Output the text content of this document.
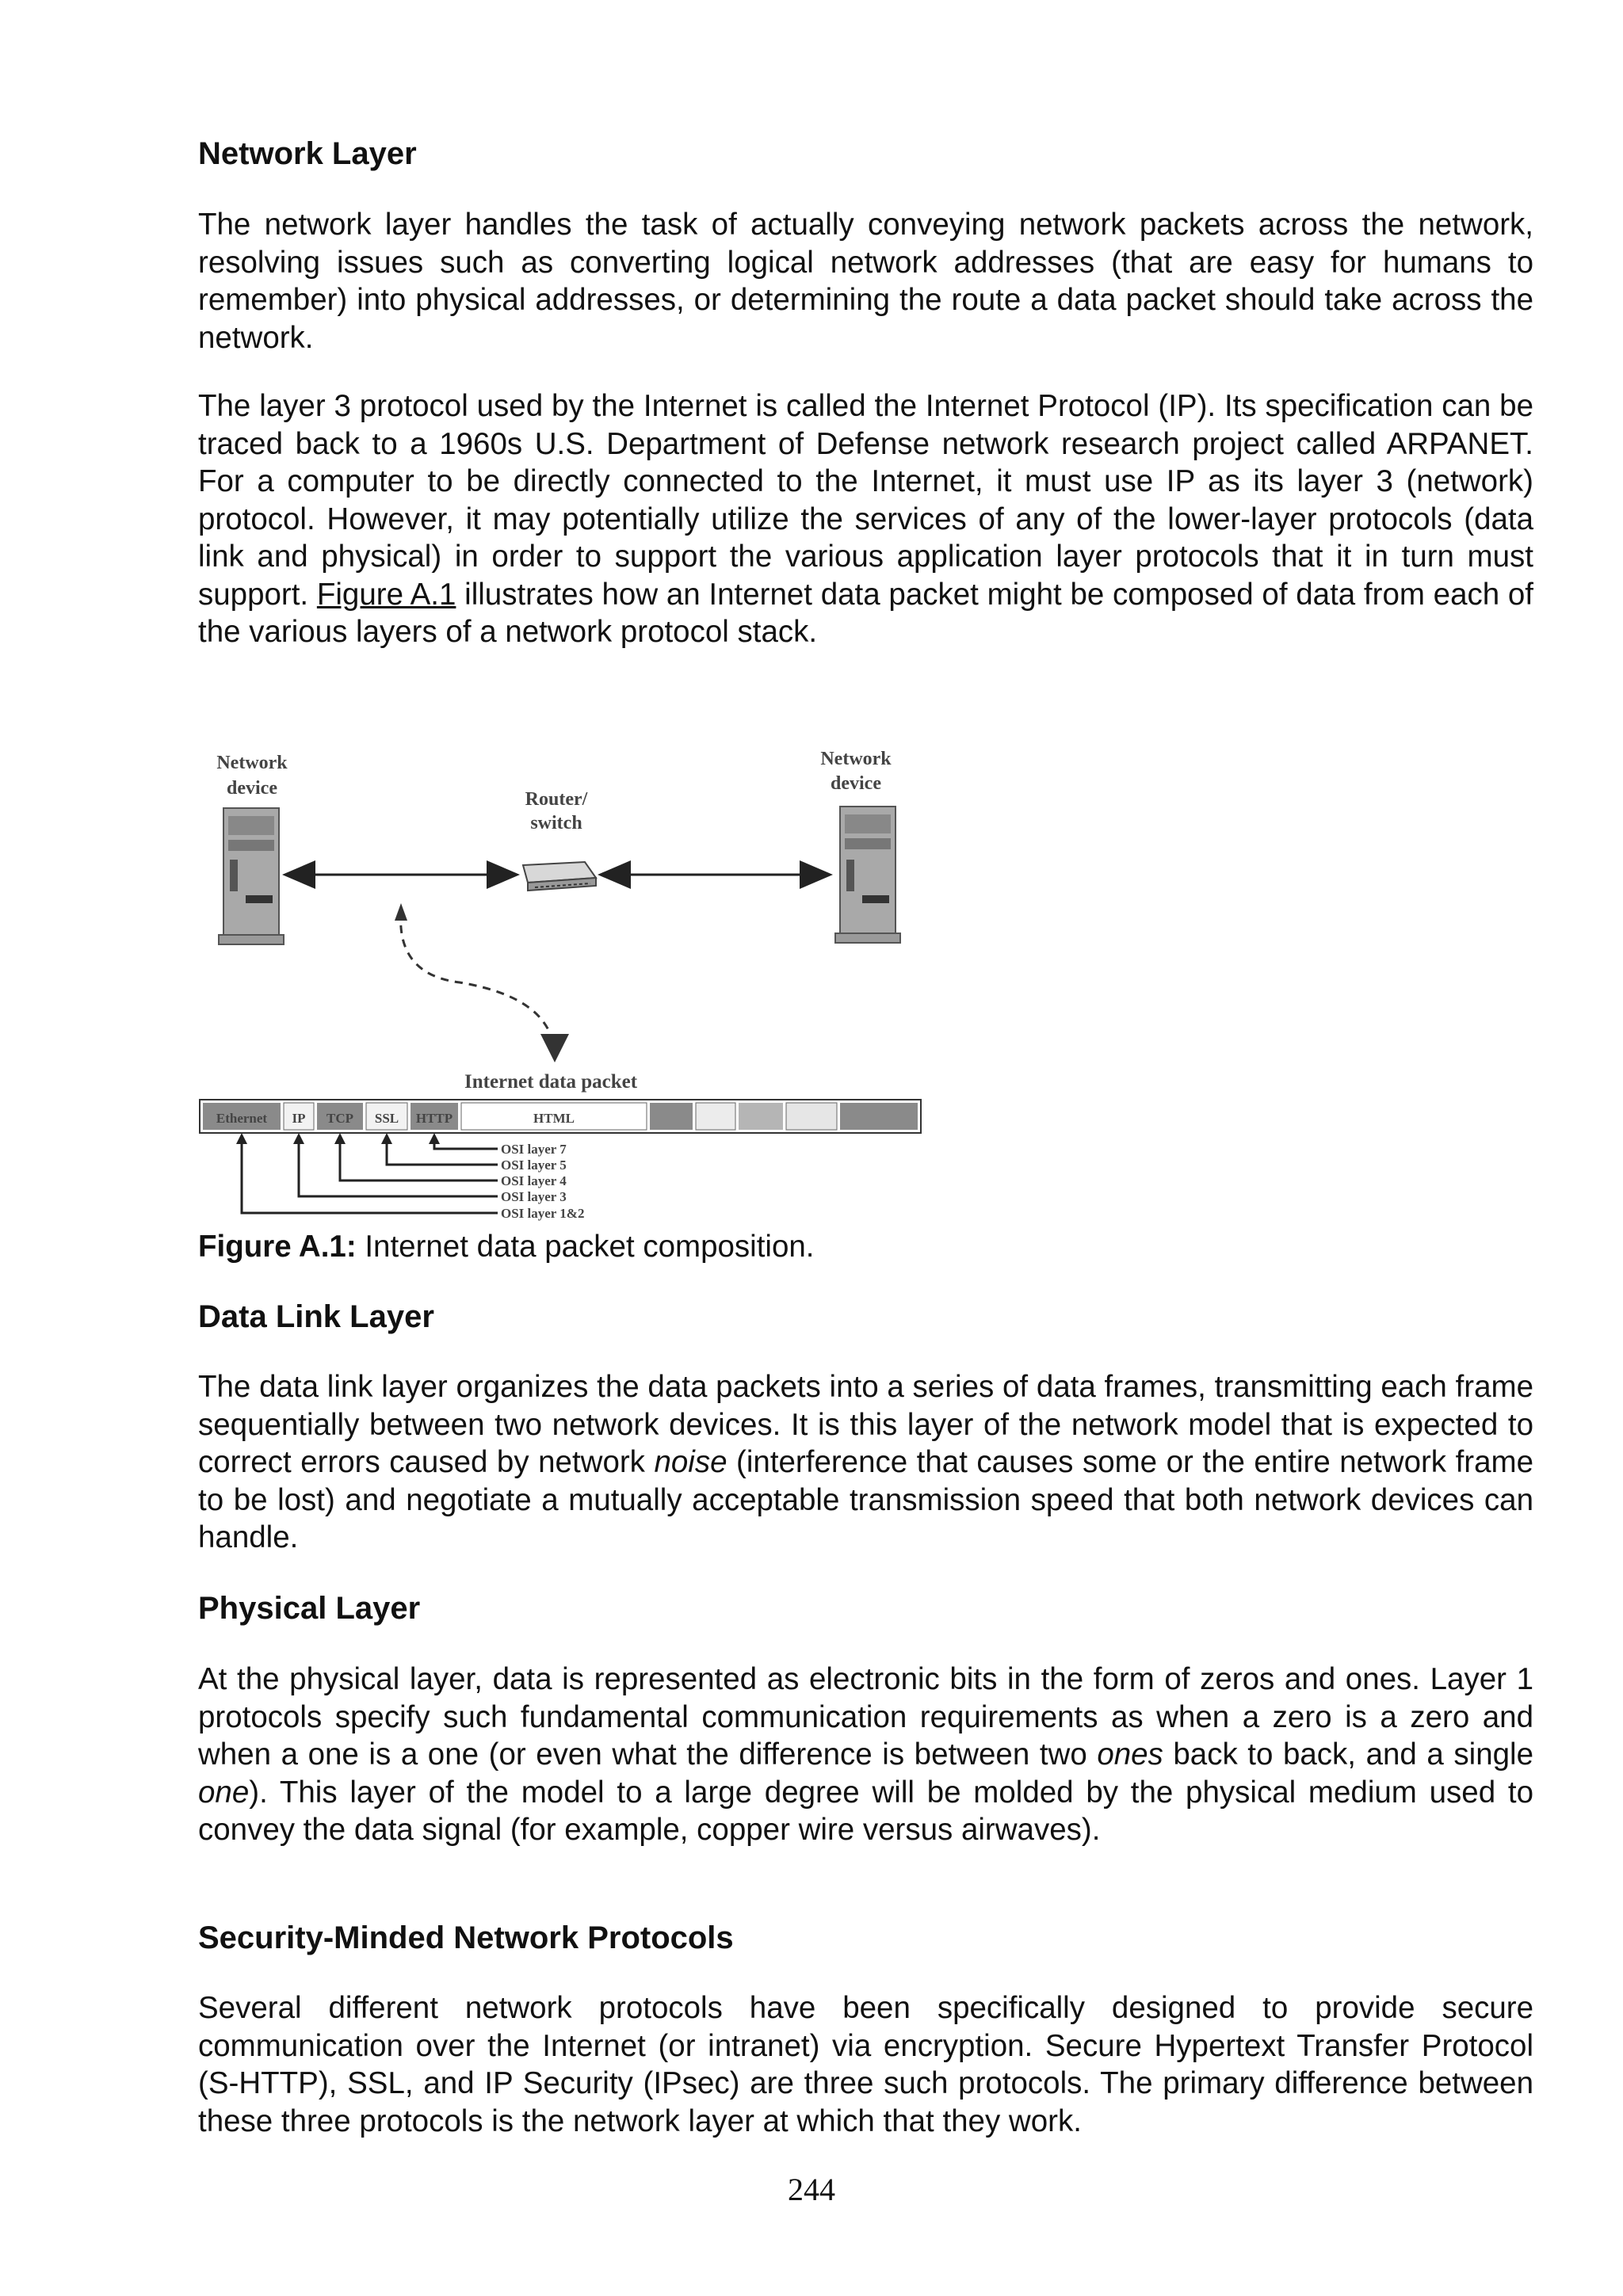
Network Layer

The network layer handles the task of actually conveying network packets across the network, resolving issues such as converting logical network addresses (that are easy for humans to remember) into physical addresses, or determining the route a data packet should take across the network.

The layer 3 protocol used by the Internet is called the Internet Protocol (IP). Its specification can be traced back to a 1960s U.S. Department of Defense network research project called ARPANET. For a computer to be directly connected to the Internet, it must use IP as its layer 3 (network) protocol. However, it may potentially utilize the services of any of the lower-layer protocols (data link and physical) in order to support the various application layer protocols that it in turn must support. Figure A.1 illustrates how an Internet data packet might be composed of data from each of the various layers of a network protocol stack.

Network
device
Network
device
Router/
switch
Internet data packet
Ethernet IP TCP SSL HTTP	HTML
OSI layer 7
OSI layer 5
OSI layer 4
OSI layer 3
OSI layer 1&2
Figure A.1: Internet data packet composition.
Data Link Layer

The data link layer organizes the data packets into a series of data frames, transmitting each frame sequentially between two network devices. It is this layer of the network model that is expected to correct errors caused by network noise (interference that causes some or the entire network frame to be lost) and negotiate a mutually acceptable transmission speed that both network devices can handle.

Physical Layer

At the physical layer, data is represented as electronic bits in the form of zeros and ones. Layer 1 protocols specify such fundamental communication requirements as when a zero is a zero and when a one is a one (or even what the difference is between two ones back to back, and a single one). This layer of the model to a large degree will be molded by the physical medium used to convey the data signal (for example, copper wire versus airwaves).

Security-Minded Network Protocols

Several different network protocols have been specifically designed to provide secure communication over the Internet (or intranet) via encryption. Secure Hypertext Transfer Protocol (S-HTTP), SSL, and IP Security (IPsec) are three such protocols. The primary difference between these three protocols is the network layer at which that they work.

244
